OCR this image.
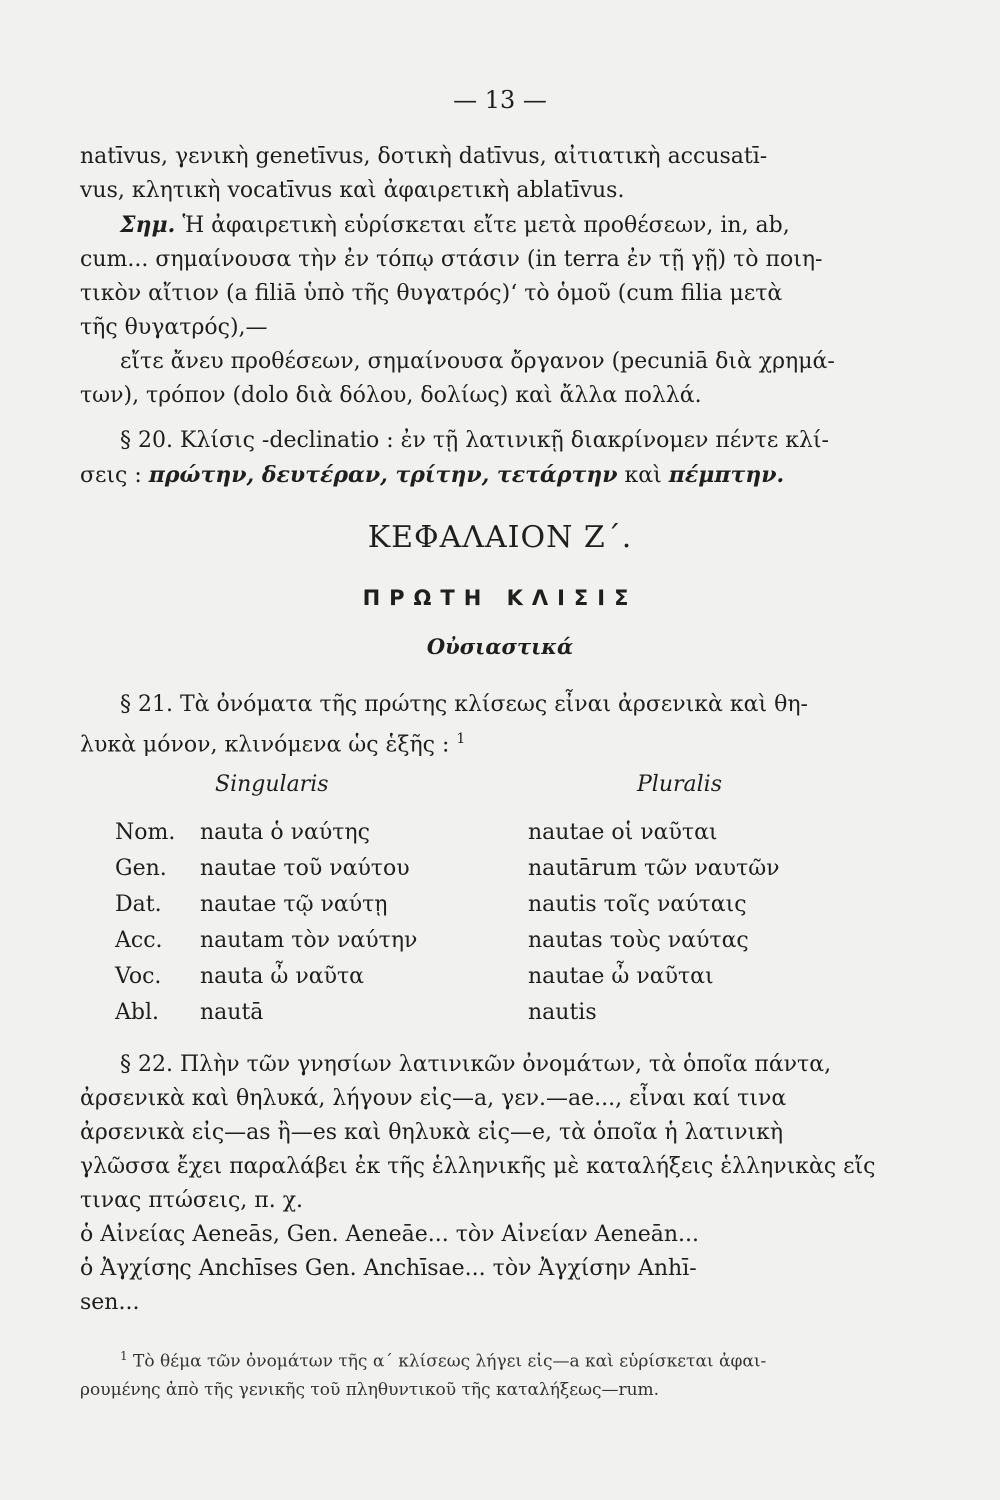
— 13 —

natīvus, γενικὴ genetīvus, δοτικὴ datīvus, αἰτιατικὴ accusatī-

vus, κλητικὴ vocatīvus καὶ ἀφαιρετικὴ ablatīvus.

Σημ. Ἡ ἀφαιρετικὴ εὑρίσκεται εἴτε μετὰ προθέσεων, in, ab,

cum... σημαίνουσα τὴν ἐν τόπῳ στάσιν (in terra ἐν τῇ γῇ) τὸ ποιη-

τικὸν αἴτιον (a filiā ὑπὸ τῆς θυγατρός)ʻ τὸ ὁμοῦ (cum filia μετὰ

τῆς θυγατρός),—

εἴτε ἄνευ προθέσεων, σημαίνουσα ὄργανον (pecuniā διὰ χρημά-

των), τρόπον (dolo διὰ δόλου, δολίως) καὶ ἄλλα πολλά.

§ 20. Κλίσις -declinatio : ἐν τῇ λατινικῇ διακρίνομεν πέντε κλί-

σεις : πρώτην, δευτέραν, τρίτην, τετάρτην καὶ πέμπτην.

ΚΕΦΑΛΑΙΟΝ Ζ΄.
ΠΡΩΤΗ ΚΛΙΣΙΣ
Οὐσιαστικά

§ 21. Τὰ ὀνόματα τῆς πρώτης κλίσεως εἶναι ἀρσενικὰ καὶ θη-

λυκὰ μόνον, κλινόμενα ὡς ἑξῆς : $^1$

Singularis	Pluralis
Nom. nauta ὁ ναύτης	nautae οἱ ναῦται
Gen. nautae τοῦ ναύτου	nautārum τῶν ναυτῶν
Dat. nautae τῷ ναύτῃ	nautis τοῖς ναύταις
Acc. nautam τὸν ναύτην	nautas τοὺς ναύτας
Voc. nauta ὦ ναῦτα	nautae ὦ ναῦται
Abl. nautā	nautis

§ 22. Πλὴν τῶν γνησίων λατινικῶν ὀνομάτων, τὰ ὁποῖα πάντα,

ἀρσενικὰ καὶ θηλυκά, λήγουν εἰς—a, γεν.—ae..., εἶναι καί τινα

ἀρσενικὰ εἰς—as ἢ—es καὶ θηλυκὰ εἰς—e, τὰ ὁποῖα ἡ λατινικὴ

γλῶσσα ἔχει παραλάβει ἐκ τῆς ἑλληνικῆς μὲ καταλήξεις ἑλληνικὰς εἴς

τινας πτώσεις, π. χ.

ὁ Αἰνείας Aeneās, Gen. Aeneāe... τὸν Αἰνείαν Aeneān...

ὁ Ἀγχίσης Anchīses Gen. Anchīsae... τὸν Ἀγχίσην Anhī-

sen...

$^1$ Τὸ θέμα τῶν ὀνομάτων τῆς α΄ κλίσεως λήγει εἰς—a καὶ εὑρίσκεται ἀφαι-
ρουμένης ἀπὸ τῆς γενικῆς τοῦ πληθυντικοῦ τῆς καταλήξεως—rum.
